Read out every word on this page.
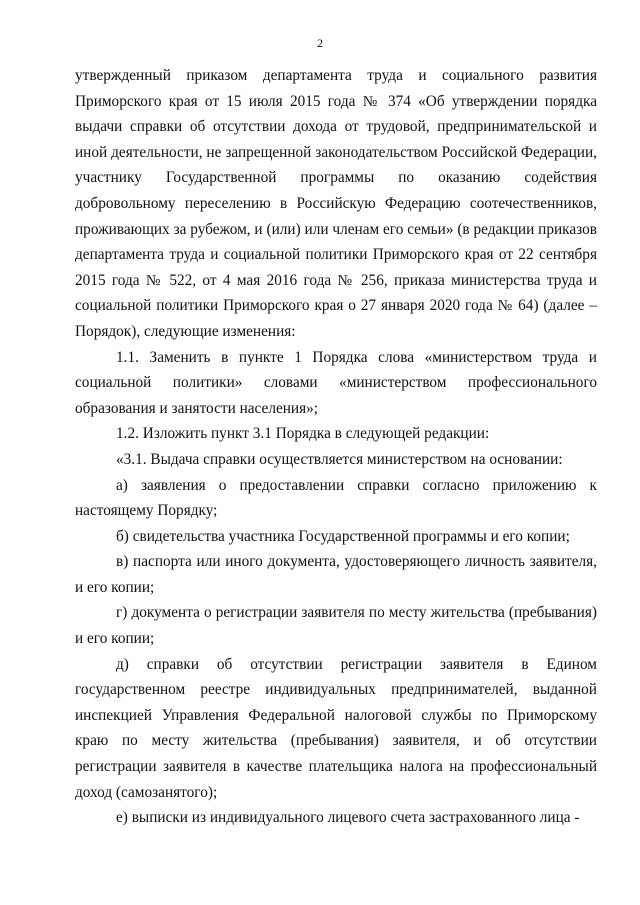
2

утвержденный приказом департамента труда и социального развития Приморского края от 15 июля 2015 года № 374 «Об утверждении порядка выдачи справки об отсутствии дохода от трудовой, предпринимательской и иной деятельности, не запрещенной законодательством Российской Федерации, участнику Государственной программы по оказанию содействия добровольному переселению в Российскую Федерацию соотечественников, проживающих за рубежом, и (или) или членам его семьи» (в редакции приказов департамента труда и социальной политики Приморского края от 22 сентября 2015 года № 522, от 4 мая 2016 года № 256, приказа министерства труда и социальной политики Приморского края о 27 января 2020 года № 64) (далее – Порядок), следующие изменения:

1.1. Заменить в пункте 1 Порядка слова «министерством труда и социальной политики» словами «министерством профессионального образования и занятости населения»;

1.2. Изложить пункт 3.1 Порядка в следующей редакции:

«3.1. Выдача справки осуществляется министерством на основании:

а) заявления о предоставлении справки согласно приложению к настоящему Порядку;

б) свидетельства участника Государственной программы и его копии;

в) паспорта или иного документа, удостоверяющего личность заявителя, и его копии;

г) документа о регистрации заявителя по месту жительства (пребывания) и его копии;

д) справки об отсутствии регистрации заявителя в Едином государственном реестре индивидуальных предпринимателей, выданной инспекцией Управления Федеральной налоговой службы по Приморскому краю по месту жительства (пребывания) заявителя, и об отсутствии регистрации заявителя в качестве плательщика налога на профессиональный доход (самозанятого);

е) выписки из индивидуального лицевого счета застрахованного лица -
